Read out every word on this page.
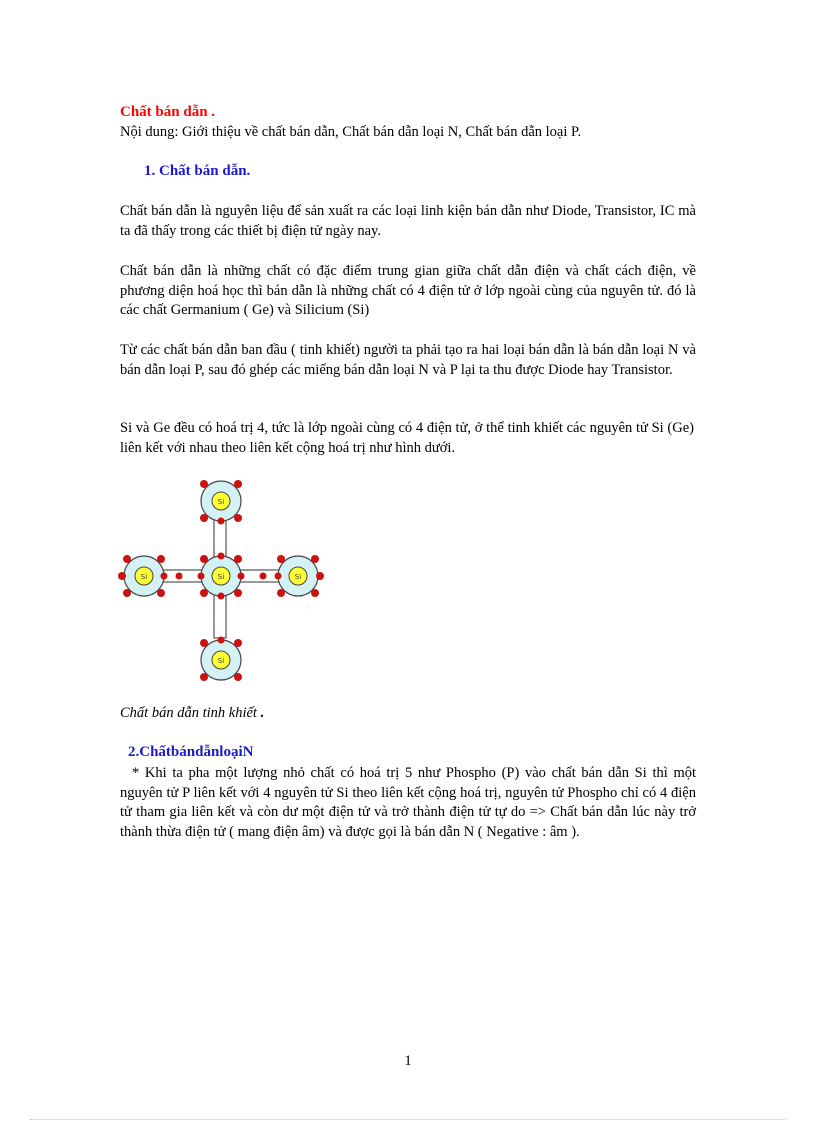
Chất bán dẫn .
Nội dung: Giới thiệu về chất bán dẫn, Chất bán dẫn loại N, Chất bán dẫn loại P.
1. Chất bán dẫn.
Chất bán dẫn là nguyên liệu để sản xuất ra các loại linh kiện bán dẫn như Diode, Transistor, IC mà ta đã thấy trong các thiết bị điện tử ngày nay.
Chất bán dẫn là những chất có đặc điểm trung gian giữa chất dẫn điện và chất cách điện, về phương diện hoá học thì bán dẫn là những chất có 4 điện tử ở lớp ngoài cùng của nguyên tử. đó là các chất Germanium ( Ge) và Silicium (Si)
Từ các chất bán dẫn ban đầu ( tinh khiết) người ta phải tạo ra hai loại bán dẫn là bán dẫn loại N và bán dẫn loại P, sau đó ghép các miếng bán dẫn loại N và P lại ta thu được Diode hay Transistor.
Si và Ge đều có hoá trị 4, tức là lớp ngoài cùng có 4 điện tử, ở thể tinh khiết các nguyên tử Si (Ge) liên kết với nhau theo liên kết cộng hoá trị như hình dưới.
Si
Si	Si	Si
Si
Chất bán dẫn tinh khiết .
2.ChấtbándẫnloạiN
* Khi ta pha một lượng nhỏ chất có hoá trị 5 như Phospho (P) vào chất bán dẫn Si thì một nguyên tử P liên kết với 4 nguyên tử Si theo liên kết cộng hoá trị, nguyên tử Phospho chỉ có 4 điện tử tham gia liên kết và còn dư một điện tử và trở thành điện tử tự do => Chất bán dẫn lúc này trở thành thừa điện tử ( mang điện âm) và được gọi là bán dẫn N ( Negative : âm ).
1
